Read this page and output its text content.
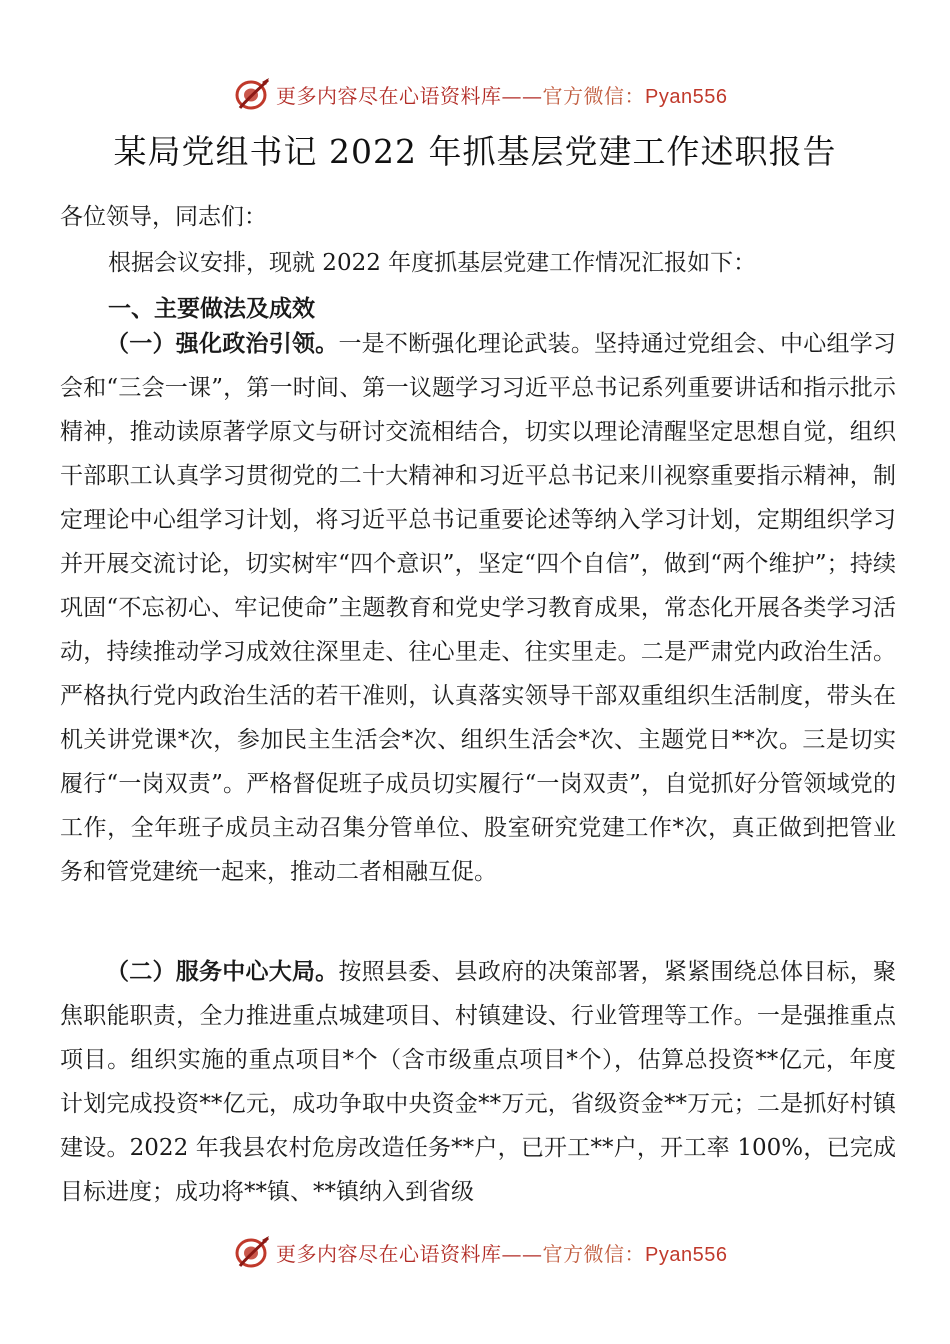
更多内容尽在心语资料库——官方微信：Pyan556
某局党组书记 2022 年抓基层党建工作述职报告
各位领导，同志们：
根据会议安排，现就 2022 年度抓基层党建工作情况汇报如下：
一、主要做法及成效

（一）强化政治引领。一是不断强化理论武装。坚持通过党组会、中心组学习会和“三会一课”，第一时间、第一议题学习习近平总书记系列重要讲话和指示批示精神，推动读原著学原文与研讨交流相结合，切实以理论清醒坚定思想自觉，组织干部职工认真学习贯彻党的二十大精神和习近平总书记来川视察重要指示精神，制定理论中心组学习计划，将习近平总书记重要论述等纳入学习计划，定期组织学习并开展交流讨论，切实树牢“四个意识”，坚定“四个自信”，做到“两个维护”；持续巩固“不忘初心、牢记使命”主题教育和党史学习教育成果，常态化开展各类学习活动，持续推动学习成效往深里走、往心里走、往实里走。二是严肃党内政治生活。严格执行党内政治生活的若干准则，认真落实领导干部双重组织生活制度，带头在机关讲党课*次，参加民主生活会*次、组织生活会*次、主题党日**次。三是切实履行“一岗双责”。严格督促班子成员切实履行“一岗双责”，自觉抓好分管领域党的工作，全年班子成员主动召集分管单位、股室研究党建工作*次，真正做到把管业务和管党建统一起来，推动二者相融互促。

（二）服务中心大局。按照县委、县政府的决策部署，紧紧围绕总体目标，聚焦职能职责，全力推进重点城建项目、村镇建设、行业管理等工作。一是强推重点项目。组织实施的重点项目*个（含市级重点项目*个），估算总投资**亿元，年度计划完成投资**亿元，成功争取中央资金**万元，省级资金**万元；二是抓好村镇建设。2022 年我县农村危房改造任务**户，已开工**户，开工率 100%，已完成目标进度；成功将**镇、**镇纳入到省级

更多内容尽在心语资料库——官方微信：Pyan556
